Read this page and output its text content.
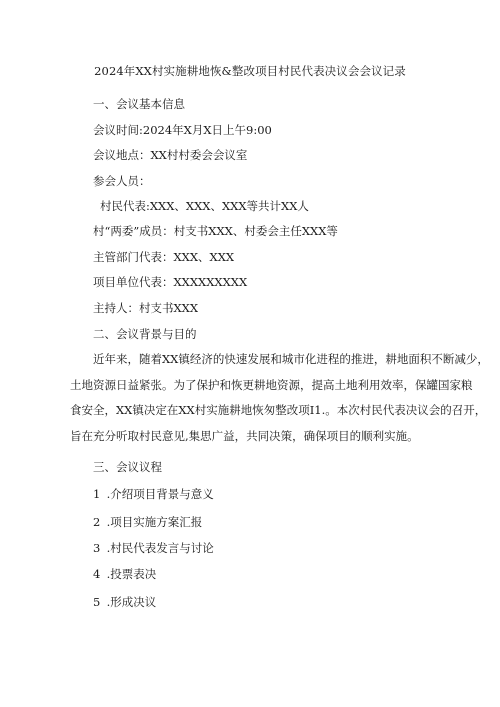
2024年XX村实施耕地恢&整改项目村民代表决议会会议记录
一、会议基本信息
会议时间:2024年X月X日上午9:00
会议地点：XX村村委会会议室
参会人员：
村民代表:XXX、XXX、XXX等共计XX人
村“两委”成员：村支书XXX、村委会主任XXX等
主管部门代表：XXX、XXX
项目单位代表：XXXXXXXXX
主持人：村支书XXX
二、会议背景与目的
近年来，随着XX镇经济的快速发展和城市化进程的推进，耕地面积不断减少，
土地资源日益紧张。为了保护和恢更耕地资源，提高土地利用效率，保罐国家粮
食安全，XX镇决定在XX村实施耕地恢匆整改项I1.。本次村民代表决议会的召开，
旨在充分听取村民意见,集思广益，共同决策，确保项目的顺利实施。
三、会议议程
1 .介绍项目背景与意义
2 .项目实施方案汇报
3 .村民代表发言与讨论
4 .投票表决
5 .形成决议
